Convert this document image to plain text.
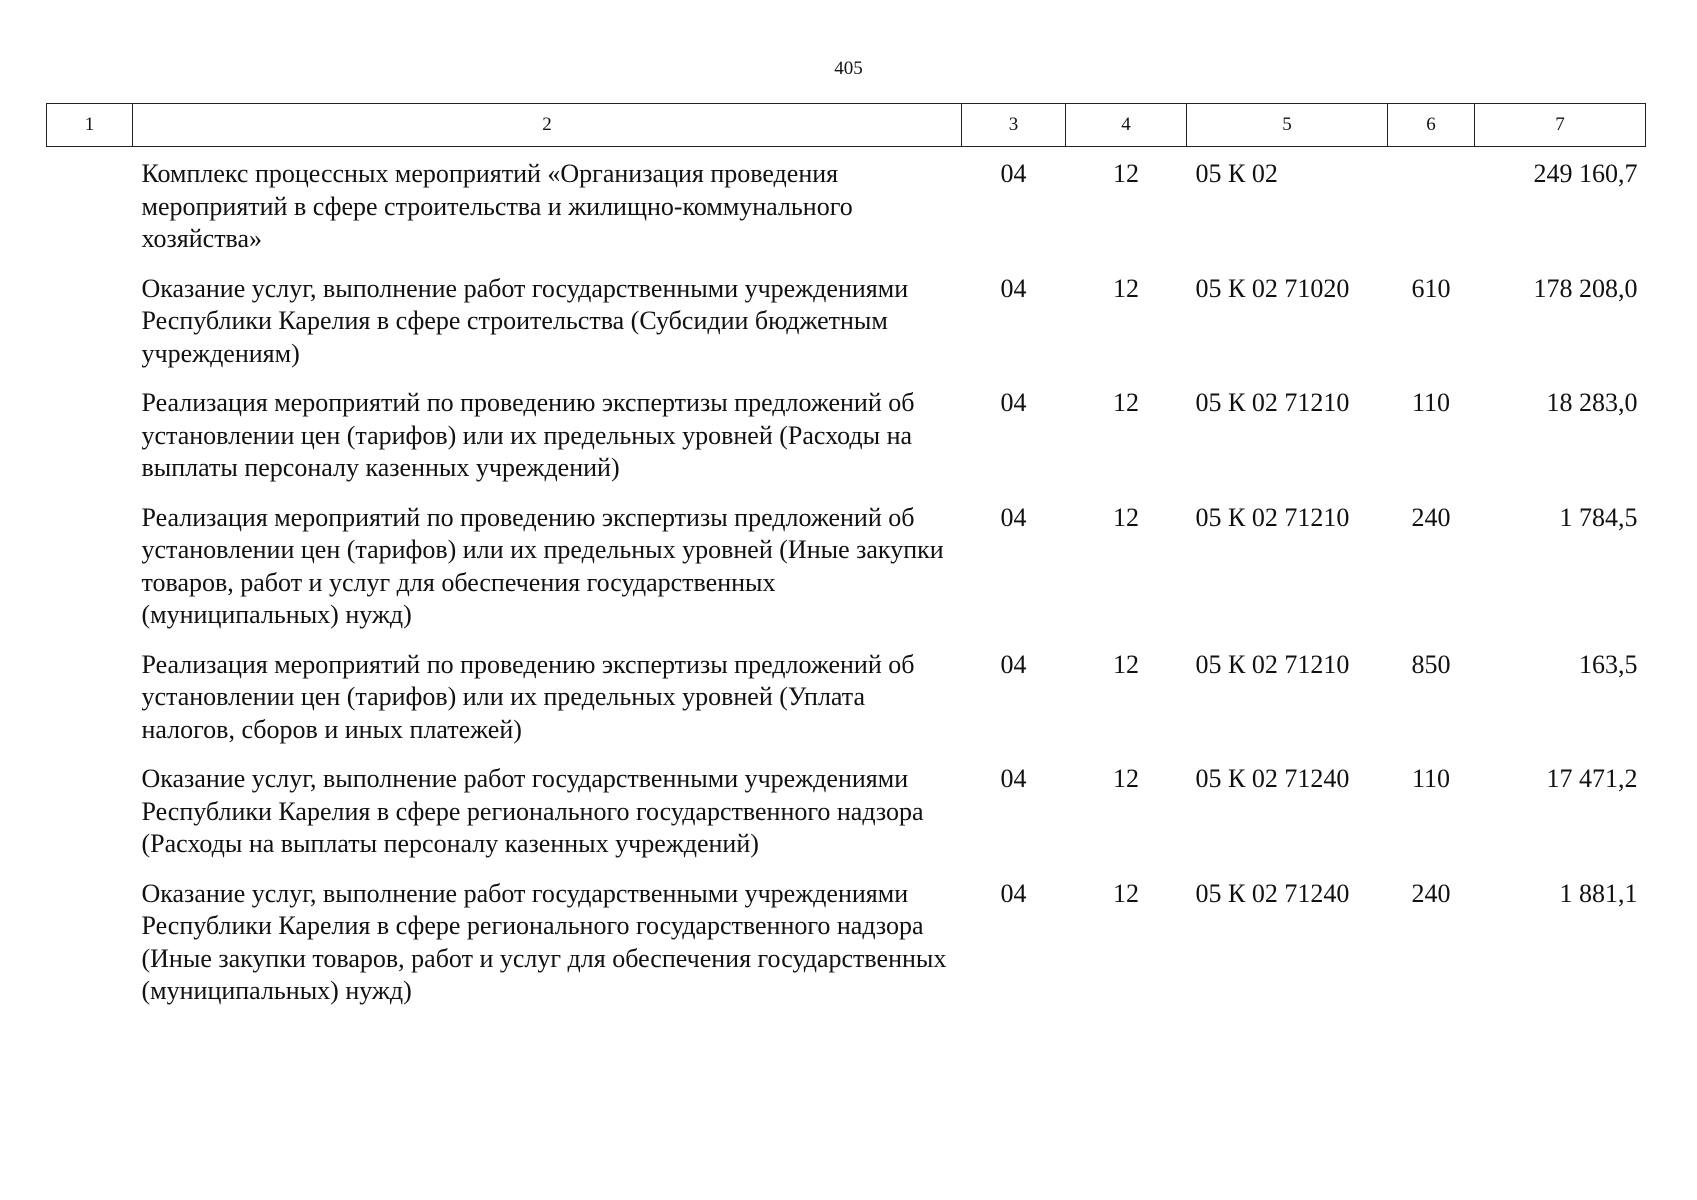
405
1	2	3	4	5	6	7
	Комплекс процессных мероприятий «Организация проведения мероприятий в сфере строительства и жилищно-коммунального хозяйства»	04	12	05 К 02		249 160,7
	Оказание услуг, выполнение работ государственными учреждениями Республики Карелия в сфере строительства (Субсидии бюджетным учреждениям)	04	12	05 К 02 71020	610	178 208,0
	Реализация мероприятий по проведению экспертизы предложений об установлении цен (тарифов) или их предельных уровней (Расходы на выплаты персоналу казенных учреждений)	04	12	05 К 02 71210	110	18 283,0
	Реализация мероприятий по проведению экспертизы предложений об установлении цен (тарифов) или их предельных уровней (Иные закупки товаров, работ и услуг для обеспечения государственных (муниципальных) нужд)	04	12	05 К 02 71210	240	1 784,5
	Реализация мероприятий по проведению экспертизы предложений об установлении цен (тарифов) или их предельных уровней (Уплата налогов, сборов и иных платежей)	04	12	05 К 02 71210	850	163,5
	Оказание услуг, выполнение работ государственными учреждениями Республики Карелия в сфере регионального государственного надзора (Расходы на выплаты персоналу казенных учреждений)	04	12	05 К 02 71240	110	17 471,2
	Оказание услуг, выполнение работ государственными учреждениями Республики Карелия в сфере регионального государственного надзора (Иные закупки товаров, работ и услуг для обеспечения государственных (муниципальных) нужд)	04	12	05 К 02 71240	240	1 881,1
